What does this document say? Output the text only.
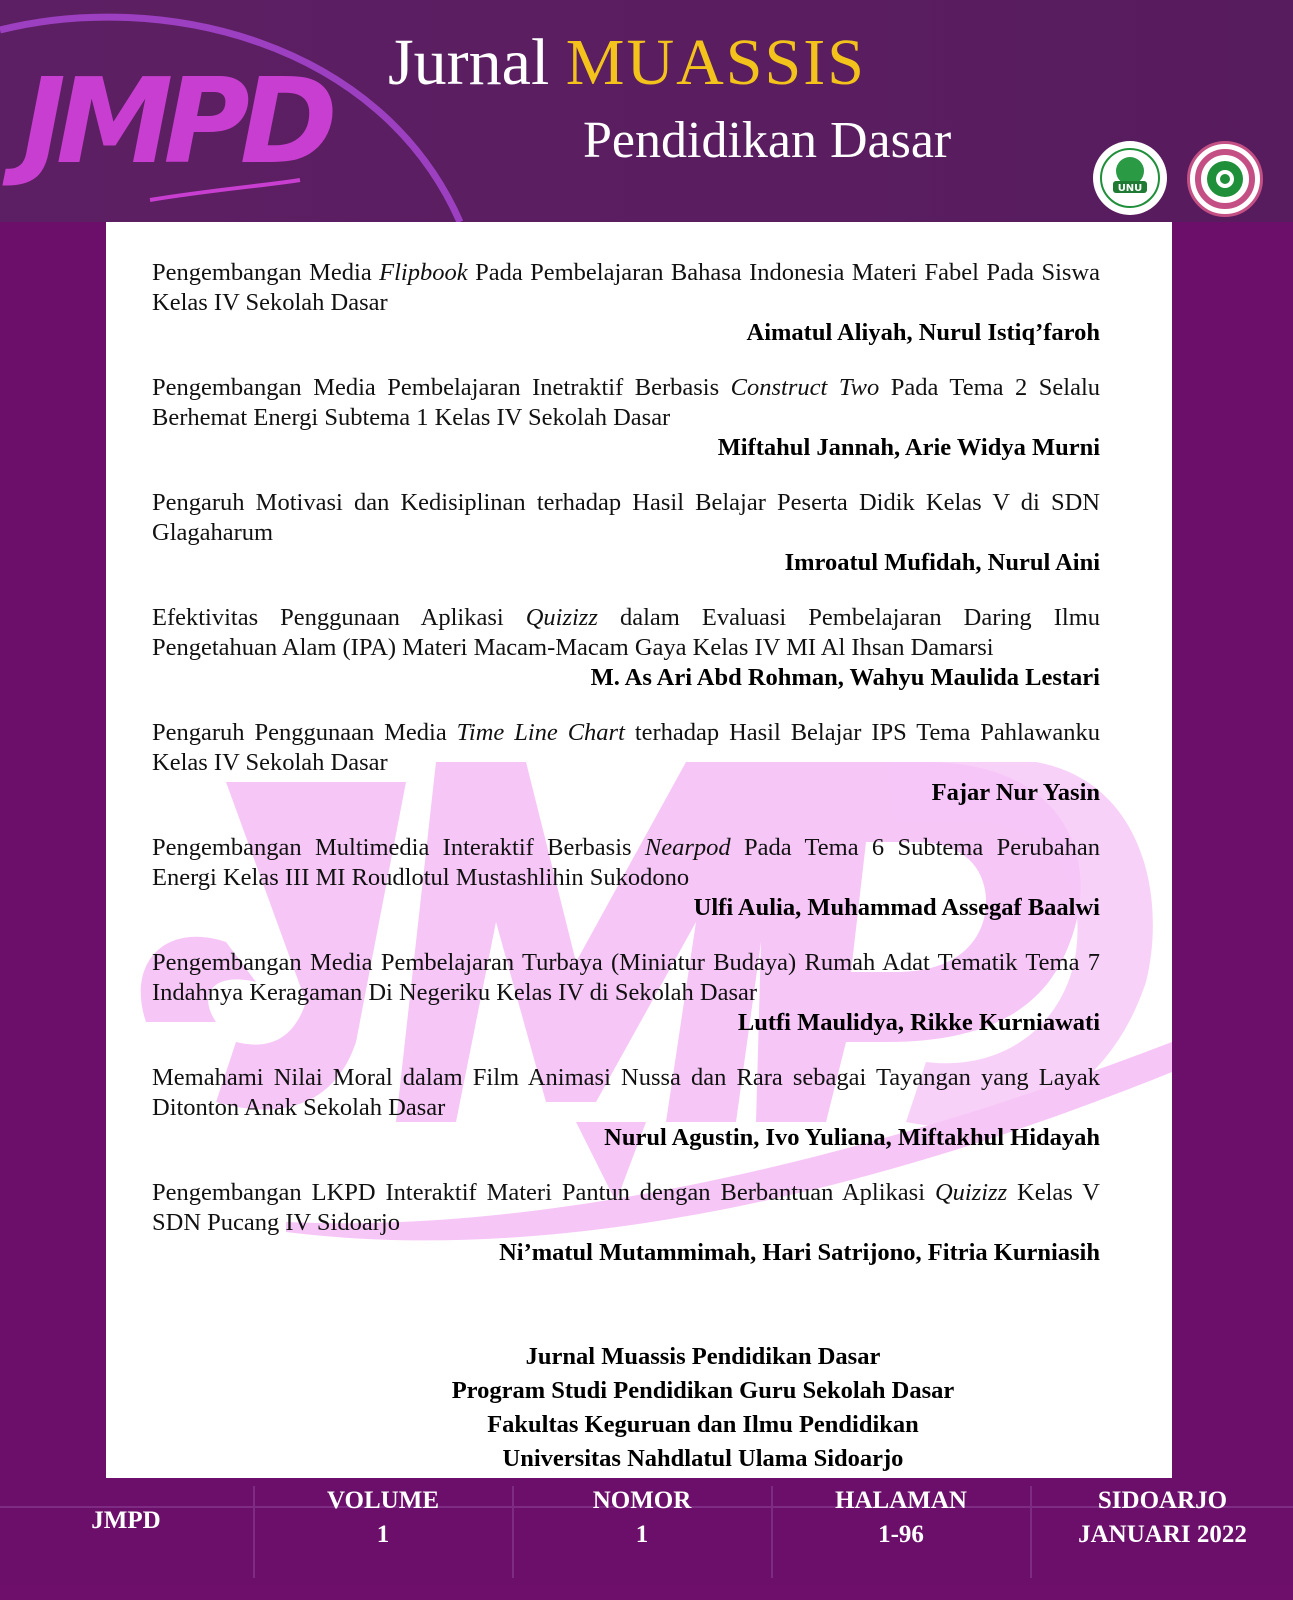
JMPD Jurnal MUASSIS
Pendidikan Dasar
UNU
Pengembangan Media Flipbook Pada Pembelajaran Bahasa Indonesia Materi Fabel Pada Siswa Kelas IV Sekolah Dasar
Aimatul Aliyah, Nurul Istiq’faroh
Pengembangan Media Pembelajaran Inetraktif Berbasis Construct Two Pada Tema 2 Selalu Berhemat Energi Subtema 1 Kelas IV Sekolah Dasar
Miftahul Jannah, Arie Widya Murni
Pengaruh Motivasi dan Kedisiplinan terhadap Hasil Belajar Peserta Didik Kelas V di SDN Glagaharum
Imroatul Mufidah, Nurul Aini
Efektivitas Penggunaan Aplikasi Quizizz dalam Evaluasi Pembelajaran Daring Ilmu Pengetahuan Alam (IPA) Materi Macam-Macam Gaya Kelas IV MI Al Ihsan Damarsi
M. As Ari Abd Rohman, Wahyu Maulida Lestari
Pengaruh Penggunaan Media Time Line Chart terhadap Hasil Belajar IPS Tema Pahlawanku Kelas IV Sekolah Dasar
Fajar Nur Yasin
Pengembangan Multimedia Interaktif Berbasis Nearpod Pada Tema 6 Subtema Perubahan Energi Kelas III MI Roudlotul Mustashlihin Sukodono
Ulfi Aulia, Muhammad Assegaf Baalwi
Pengembangan Media Pembelajaran Turbaya (Miniatur Budaya) Rumah Adat Tematik Tema 7 Indahnya Keragaman Di Negeriku Kelas IV di Sekolah Dasar
Lutfi Maulidya, Rikke Kurniawati
Memahami Nilai Moral dalam Film Animasi Nussa dan Rara sebagai Tayangan yang Layak Ditonton Anak Sekolah Dasar
Nurul Agustin, Ivo Yuliana, Miftakhul Hidayah
Pengembangan LKPD Interaktif Materi Pantun dengan Berbantuan Aplikasi Quizizz Kelas V SDN Pucang IV Sidoarjo
Ni’matul Mutammimah, Hari Satrijono, Fitria Kurniasih
Jurnal Muassis Pendidikan Dasar
Program Studi Pendidikan Guru Sekolah Dasar
Fakultas Keguruan dan Ilmu Pendidikan
Universitas Nahdlatul Ulama Sidoarjo
JMPD
VOLUME
1
NOMOR
1
HALAMAN
1-96
SIDOARJO
JANUARI 2022
